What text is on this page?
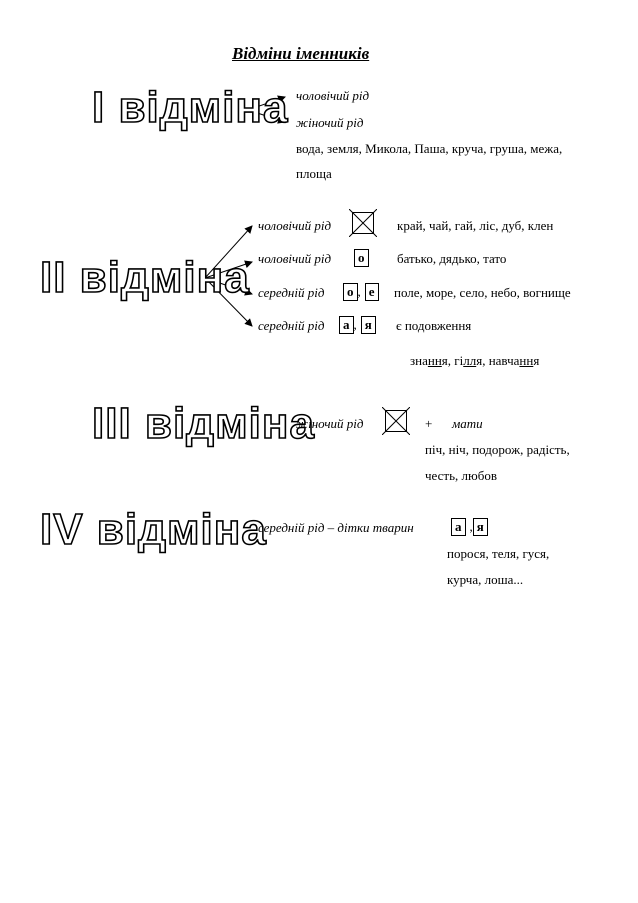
Відміни іменників
I відміна чоловічий рід
жіночий рід
вода, земля, Микола, Паша, круча, груша, межа,
площа
II відміна
чоловічий рід ☒ край, чай, гай, ліс, дуб, клен
чоловічий рід	о	батько, дядько, тато
середній рід	о , е	поле, море, село, небо, вогнище
середній рід	а , я	є подовження
знання, гілля, навчання
III відміна
жіночий рід ☒ + мати
піч, ніч, подорож, радість,
честь, любов
IV відміна
середній рід – дітки тварин	а , я
порося, теля, гуся,
курча, лоша...
